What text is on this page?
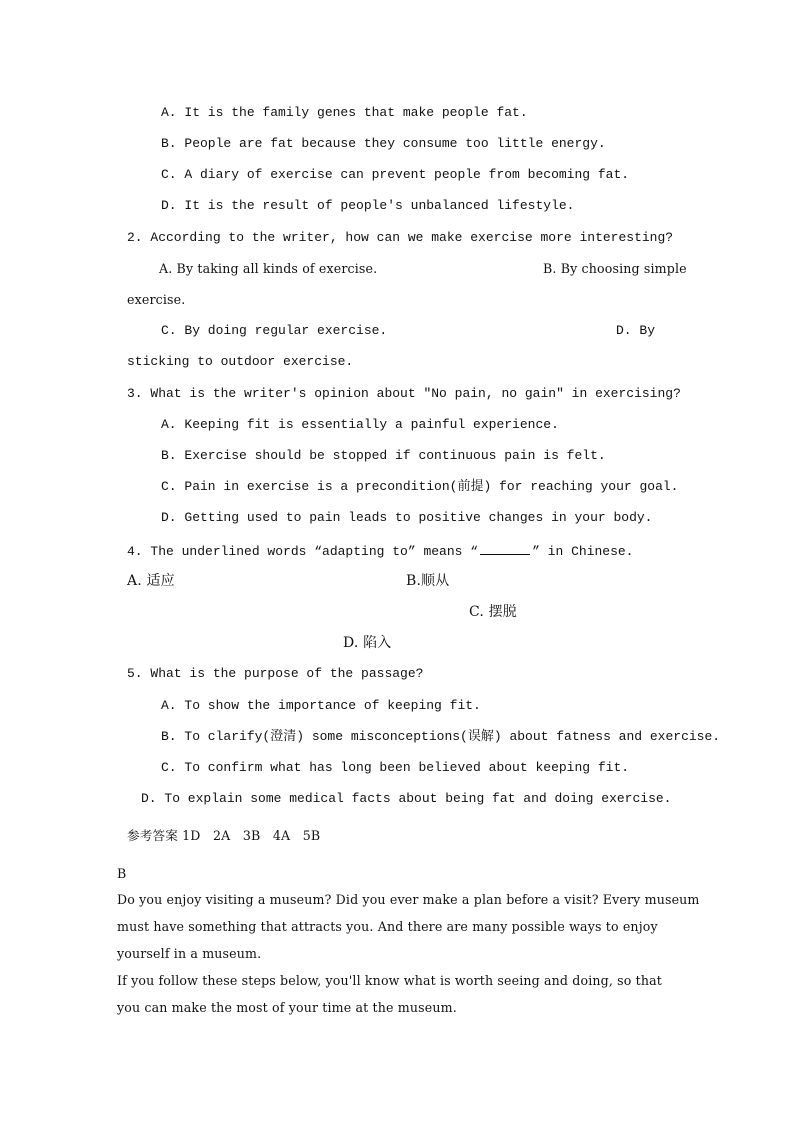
A. It is the family genes that make people fat.
B. People are fat because they consume too little energy.
C. A diary of exercise can prevent people from becoming fat.
D. It is the result of people's unbalanced lifestyle.
2. According to the writer, how can we make exercise more interesting?
A. By taking all kinds of exercise.	B. By choosing simple
exercise.
C. By doing regular exercise.	D. By
sticking to outdoor exercise.
3. What is the writer's opinion about "No pain, no gain" in exercising?
A. Keeping fit is essentially a painful experience.
B. Exercise should be stopped if continuous pain is felt.
C. Pain in exercise is a precondition(前提) for reaching your goal.
D. Getting used to pain leads to positive changes in your body.
4. The underlined words “adapting to” means “	” in Chinese.
A. 适应	B.顺从
C. 摆脱
D. 陷入
5. What is the purpose of the passage?
A. To show the importance of keeping fit.
B. To clarify(澄清) some misconceptions(误解) about fatness and exercise.
C. To confirm what has long been believed about keeping fit.
D. To explain some medical facts about being fat and doing exercise.
参考答案 1D   2A   3B   4A   5B
B
Do you enjoy visiting a museum? Did you ever make a plan before a visit? Every museum
must have something that attracts you. And there are many possible ways to enjoy
yourself in a museum.
If you follow these steps below, you'll know what is worth seeing and doing, so that
you can make the most of your time at the museum.
